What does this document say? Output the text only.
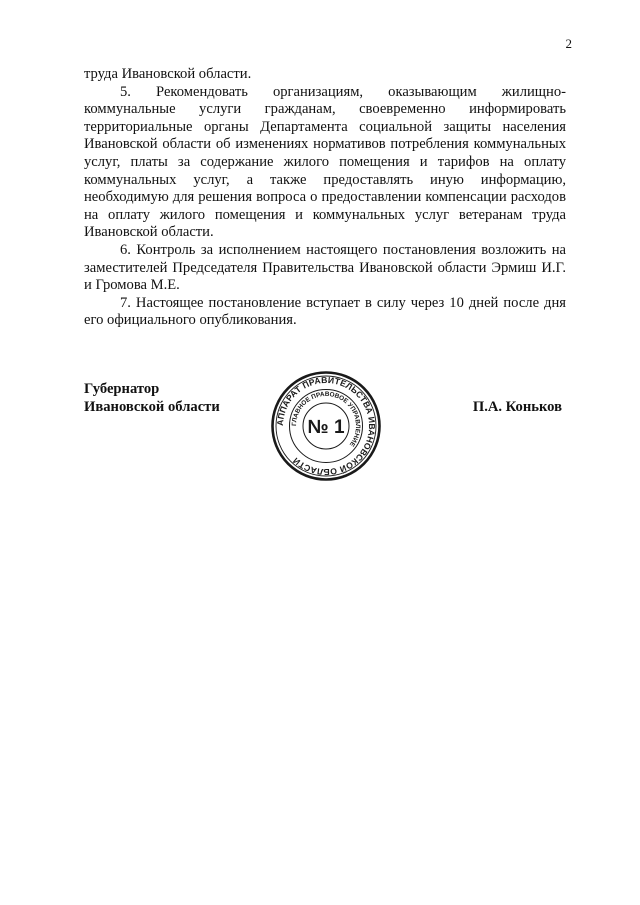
2

труда Ивановской области.

5. Рекомендовать организациям, оказывающим жилищно-коммунальные услуги гражданам, своевременно информировать территориальные органы Департамента социальной защиты населения Ивановской области об изменениях нормативов потребления коммунальных услуг, платы за содержание жилого помещения и тарифов на оплату коммунальных услуг, а также предоставлять иную информацию, необходимую для решения вопроса о предоставлении компенсации расходов на оплату жилого помещения и коммунальных услуг ветеранам труда Ивановской области.

6. Контроль за исполнением настоящего постановления возложить на заместителей Председателя Правительства Ивановской области Эрмиш И.Г. и Громова М.Е.

7. Настоящее постановление вступает в силу через 10 дней после дня его официального опубликования.

Губернатор
Ивановской области
АППАРАТ ПРАВИТЕЛЬСТВА ИВАНОВСКОЙ ОБЛАСТИ
ГЛАВНОЕ ПРАВОВОЕ УПРАВЛЕНИЕ
№ 1
П.А. Коньков
